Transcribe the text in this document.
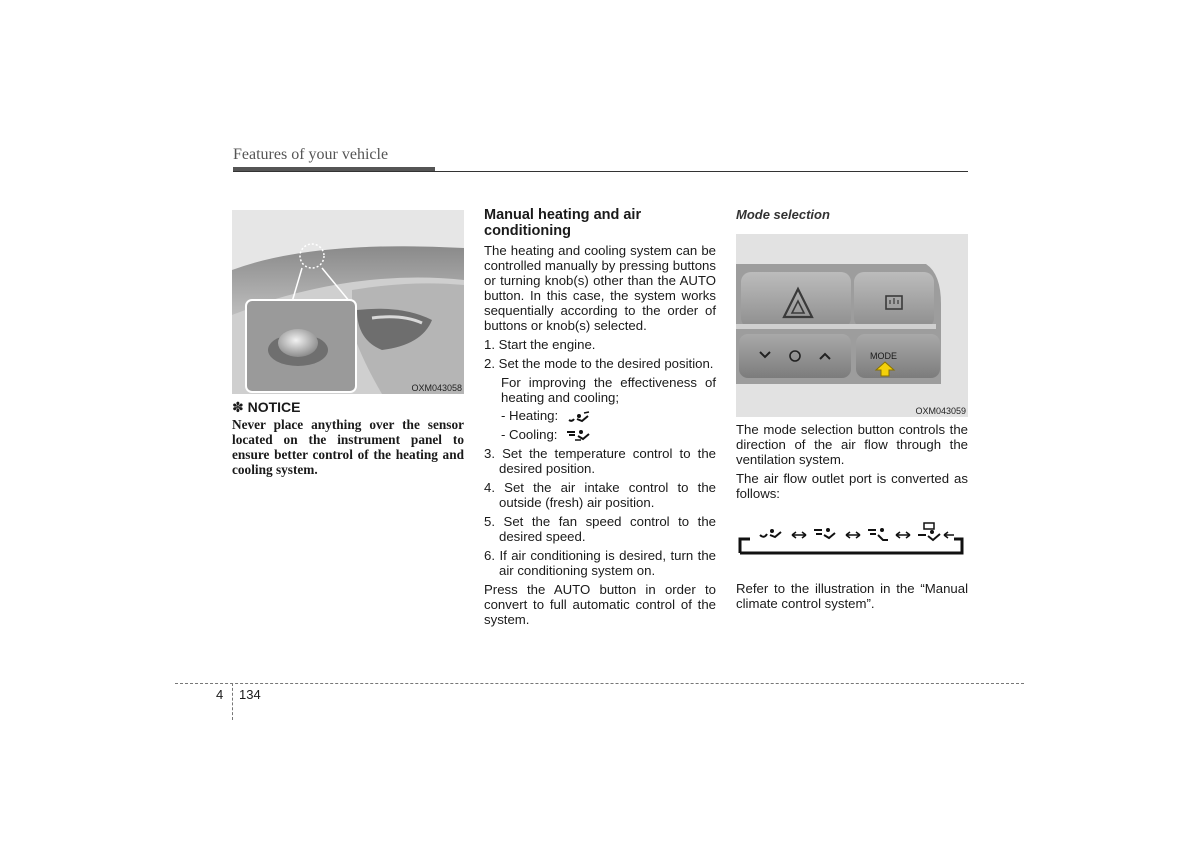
Features of your vehicle
OXM043058
✽ NOTICE
Never place anything over the sensor located on the instrument panel to ensure better control of the heating and cooling system.
Manual heating and air conditioning

The heating and cooling system can be controlled manually by pressing buttons or turning knob(s) other than the AUTO button. In this case, the system works sequentially according to the order of buttons or knob(s) selected.

1. Start the engine.

2. Set the mode to the desired position.

For improving the effectiveness of heating and cooling;

- Heating:

- Cooling:

3. Set the temperature control to the desired position.

4. Set the air intake control to the outside (fresh) air position.

5. Set the fan speed control to the desired speed.

6. If air conditioning is desired, turn the air conditioning system on.

Press the AUTO button in order to convert to full automatic control of the system.

Mode selection
MODE
OXM043059

The mode selection button controls the direction of the air flow through the ventilation system.

The air flow outlet port is converted as follows:

Refer to the illustration in the “Manual climate control system”.

4 134
